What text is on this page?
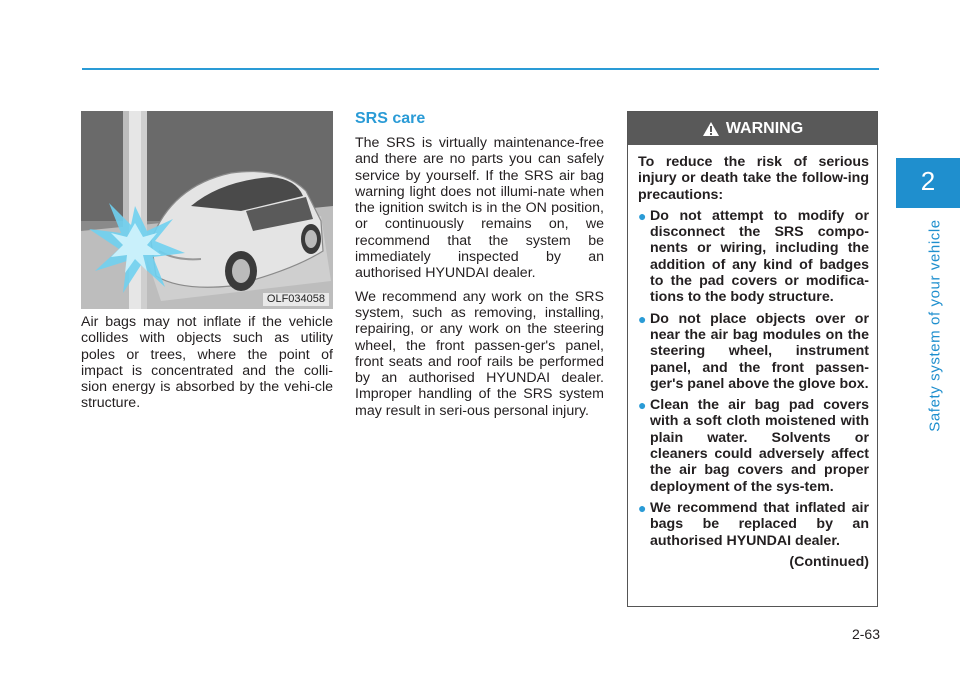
2
Safety system of your vehicle
OLF034058
Air bags may not inflate if the vehicle collides with objects such as utility poles or trees, where the point of impact is concentrated and the colli-sion energy is absorbed by the vehi-cle structure.
SRS care

The SRS is virtually maintenance-free and there are no parts you can safely service by yourself. If the SRS air bag warning light does not illumi-nate when the ignition switch is in the ON position, or continuously remains on, we recommend that the system be immediately inspected by an authorised HYUNDAI dealer.

We recommend any work on the SRS system, such as removing, installing, repairing, or any work on the steering wheel, the front passen-ger's panel, front seats and roof rails be performed by an authorised HYUNDAI dealer. Improper handling of the SRS system may result in seri-ous personal injury.

WARNING

To reduce the risk of serious injury or death take the follow-ing precautions:

● Do not attempt to modify or disconnect the SRS compo-nents or wiring, including the addition of any kind of badges to the pad covers or modifica-tions to the body structure.
● Do not place objects over or near the air bag modules on the steering wheel, instrument panel, and the front passen-ger's panel above the glove box.
● Clean the air bag pad covers with a soft cloth moistened with plain water. Solvents or cleaners could adversely affect the air bag covers and proper deployment of the sys-tem.
● We recommend that inflated air bags be replaced by an authorised HYUNDAI dealer.
(Continued)
2-63
